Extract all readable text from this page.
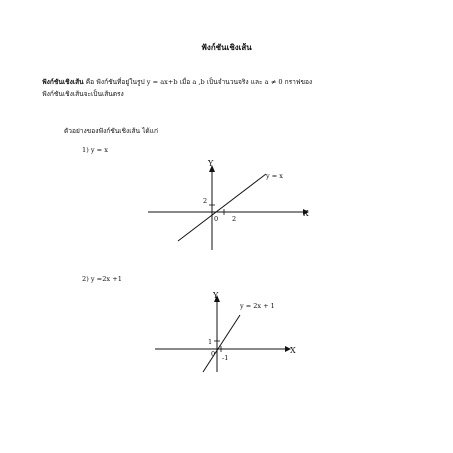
ฟังก์ชันเชิงเส้น
ฟังก์ชันเชิงเส้น คือ ฟังก์ชันที่อยู่ในรูป y = ax+b เมื่อ a ,b เป็นจำนวนจริง และ a ≠ 0 กราฟของ
ฟังก์ชันเชิงเส้นจะเป็นเส้นตรง
ตัวอย่างของฟังก์ชันเชิงเส้น ได้แก่
1) y = x
2) y =2x +1
Y
X
y = x
0 2
2
Y
X
y = 2x + 1
0 -1
1
